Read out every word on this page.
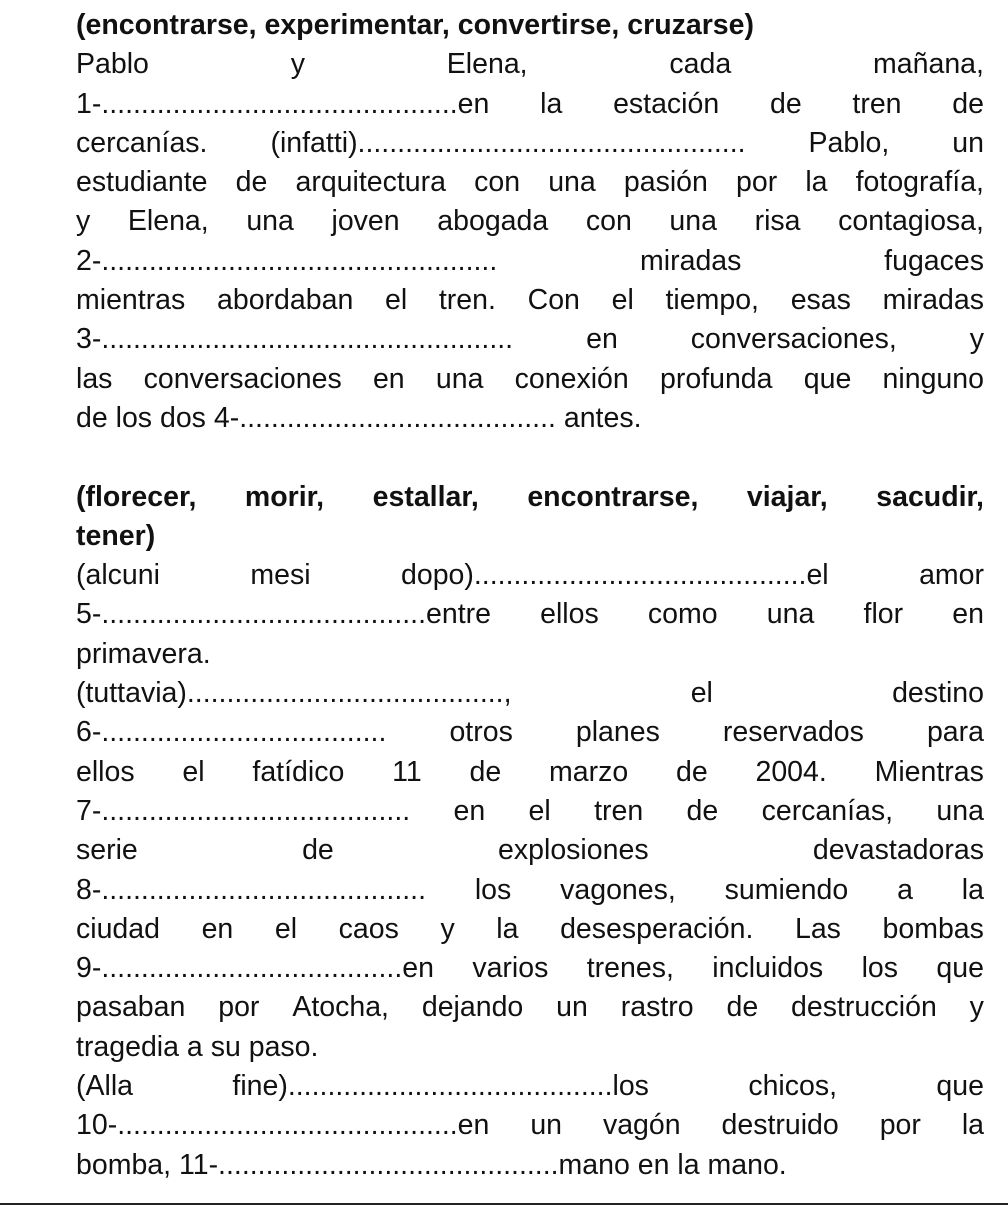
(encontrarse, experimentar, convertirse, cruzarse)
Pablo	y	Elena,	cada	mañana,
1-.............................................en la estación de tren de
cercanías. (infatti)................................................. Pablo, un
estudiante de arquitectura con una pasión por la fotografía,
y Elena, una joven abogada con una risa contagiosa,
2-..................................................	miradas	fugaces
mientras abordaban el tren. Con el tiempo, esas miradas
3-....................................................	en	conversaciones,	y
las conversaciones en una conexión profunda que ninguno
de los dos 4-........................................ antes.
(florecer, morir, estallar, encontrarse, viajar, sacudir,
tener)
(alcuni	mesi	dopo)..........................................el	amor
5-.........................................entre ellos como una flor en
primavera.
(tuttavia)........................................,	el	destino
6-.................................... otros planes reservados para
ellos el fatídico 11 de marzo de 2004. Mientras
7-....................................... en el tren de cercanías, una
serie	de	explosiones	devastadoras
8-......................................... los vagones, sumiendo a la
ciudad en el caos y la desesperación. Las bombas
9-......................................en varios trenes, incluidos los que
pasaban por Atocha, dejando un rastro de destrucción y
tragedia a su paso.
(Alla	fine).........................................los	chicos,	que
10-...........................................en un vagón destruido por la
bomba, 11-...........................................mano en la mano.
